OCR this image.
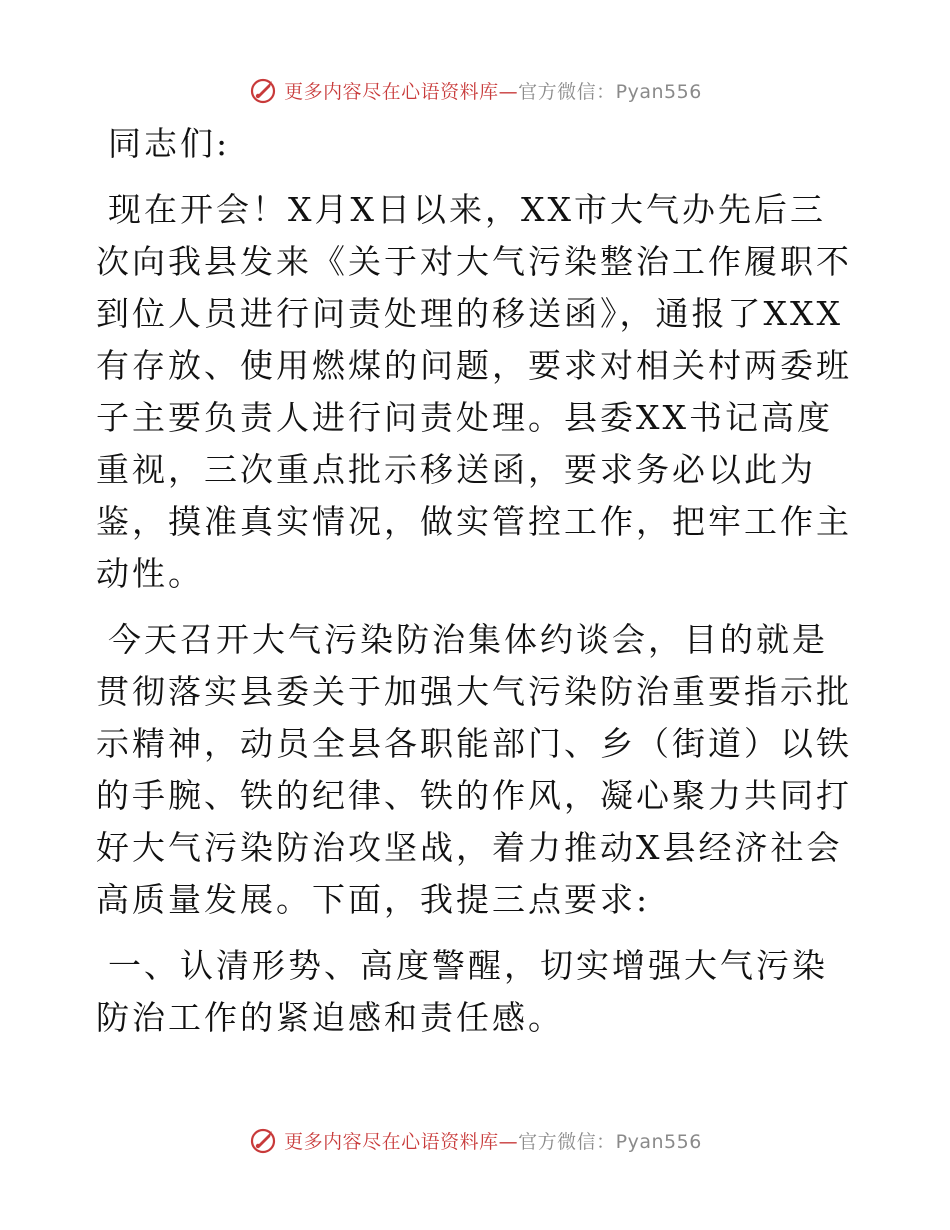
更多内容尽在心语资料库—官方微信：Pyan556

同志们:

现在开会！X月X日以来，XX市大气办先后三次向我县发来《关于对大气污染整治工作履职不到位人员进行问责处理的移送函》，通报了XXX有存放、使用燃煤的问题，要求对相关村两委班子主要负责人进行问责处理。县委XX书记高度重视，三次重点批示移送函，要求务必以此为鉴，摸准真实情况，做实管控工作，把牢工作主动性。

今天召开大气污染防治集体约谈会，目的就是贯彻落实县委关于加强大气污染防治重要指示批示精神，动员全县各职能部门、乡（街道）以铁的手腕、铁的纪律、铁的作风，凝心聚力共同打好大气污染防治攻坚战，着力推动X县经济社会高质量发展。下面，我提三点要求:

一、认清形势、高度警醒，切实增强大气污染防治工作的紧迫感和责任感。

更多内容尽在心语资料库—官方微信：Pyan556
